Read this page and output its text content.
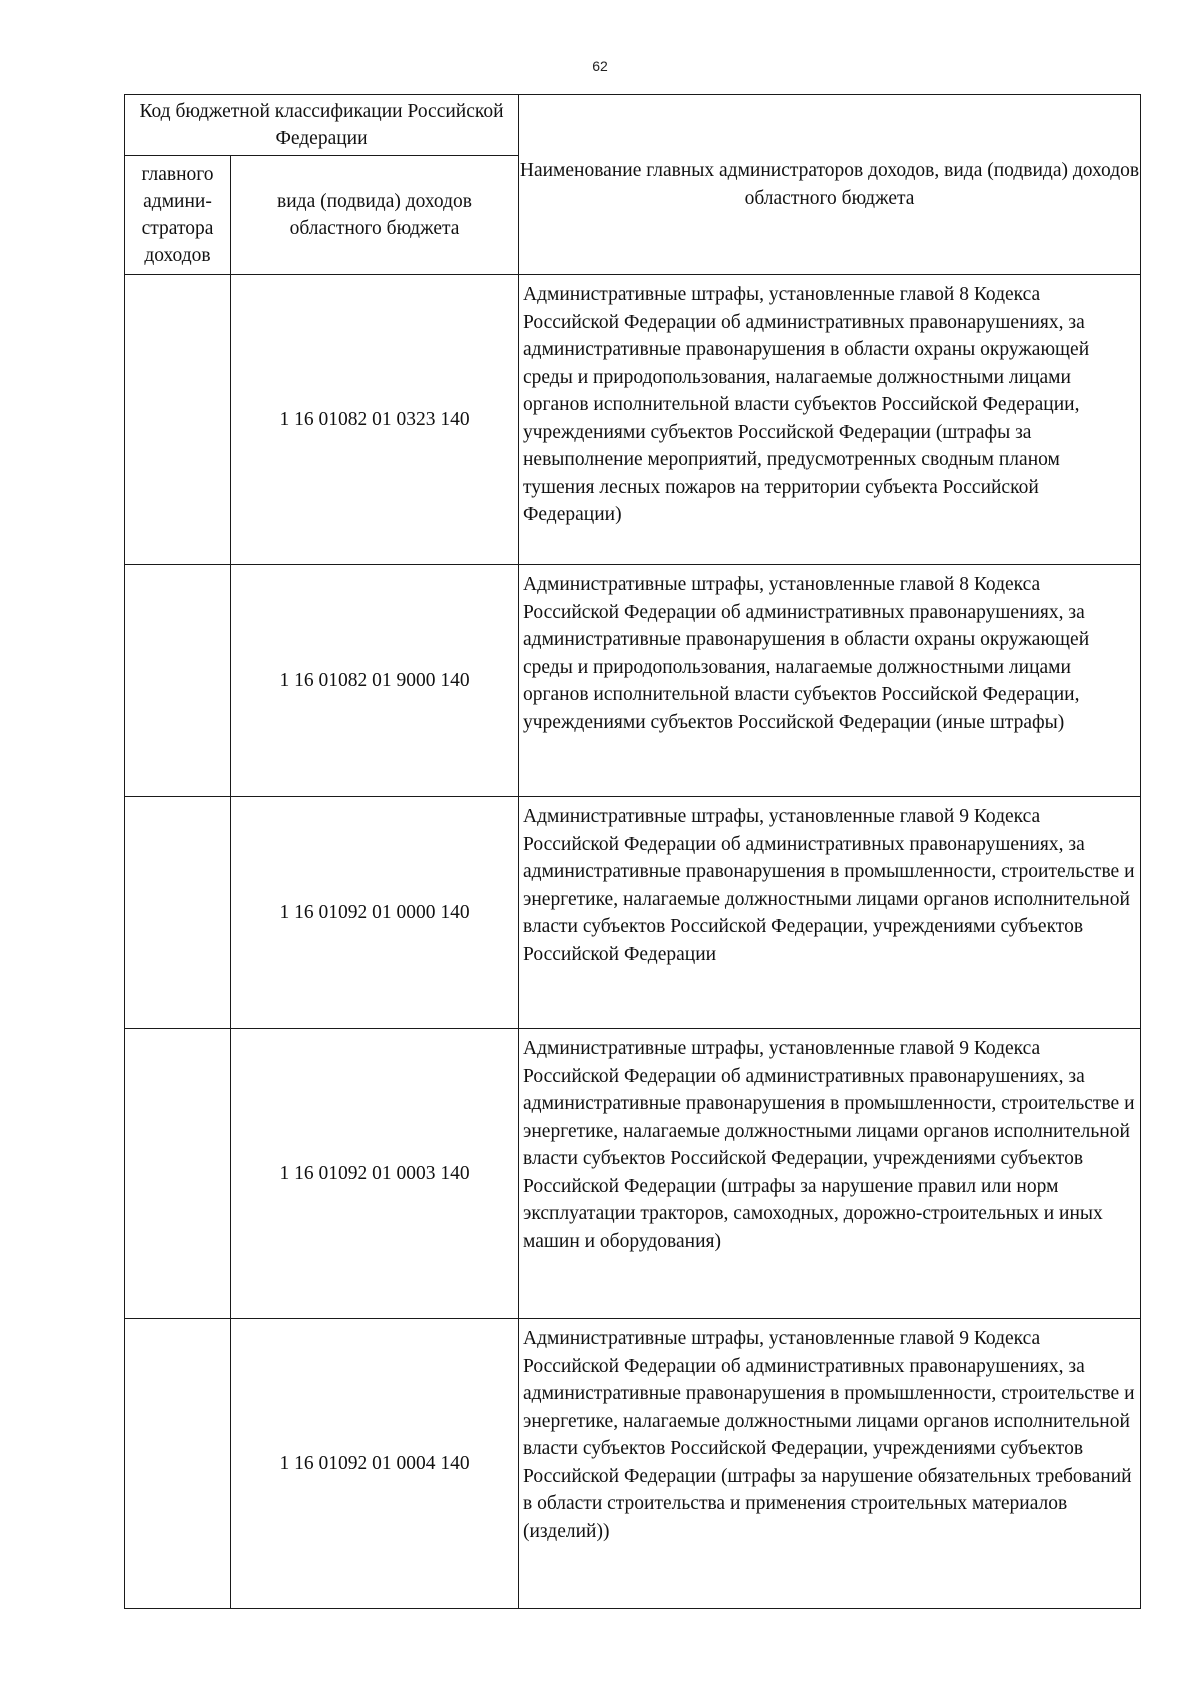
62
Код бюджетной классификации Российской Федерации		Наименование главных администраторов доходов, вида (подвида) доходов областного бюджета
главного админи-стратора доходов	вида (подвида) доходов областного бюджета	
	1 16 01082 01 0323 140	Административные штрафы, установленные главой 8 Кодекса Российской Федерации об административных правонарушениях, за административные правонарушения в области охраны окружающей среды и природопользования, налагаемые должностными лицами органов исполнительной власти субъектов Российской Федерации, учреждениями субъектов Российской Федерации (штрафы за невыполнение мероприятий, предусмотренных сводным планом тушения лесных пожаров на территории субъекта Российской Федерации)
	1 16 01082 01 9000 140	Административные штрафы, установленные главой 8 Кодекса Российской Федерации об административных правонарушениях, за административные правонарушения в области охраны окружающей среды и природопользования, налагаемые должностными лицами органов исполнительной власти субъектов Российской Федерации, учреждениями субъектов Российской Федерации (иные штрафы)
	1 16 01092 01 0000 140	Административные штрафы, установленные главой 9 Кодекса Российской Федерации об административных правонарушениях, за административные правонарушения в промышленности, строительстве и энергетике, налагаемые должностными лицами органов исполнительной власти субъектов Российской Федерации, учреждениями субъектов Российской Федерации
	1 16 01092 01 0003 140	Административные штрафы, установленные главой 9 Кодекса Российской Федерации об административных правонарушениях, за административные правонарушения в промышленности, строительстве и энергетике, налагаемые должностными лицами органов исполнительной власти субъектов Российской Федерации, учреждениями субъектов Российской Федерации (штрафы за нарушение правил или норм эксплуатации тракторов, самоходных, дорожно-строительных и иных машин и оборудования)
	1 16 01092 01 0004 140	Административные штрафы, установленные главой 9 Кодекса Российской Федерации об административных правонарушениях, за административные правонарушения в промышленности, строительстве и энергетике, налагаемые должностными лицами органов исполнительной власти субъектов Российской Федерации, учреждениями субъектов Российской Федерации (штрафы за нарушение обязательных требований в области строительства и применения строительных материалов (изделий))
